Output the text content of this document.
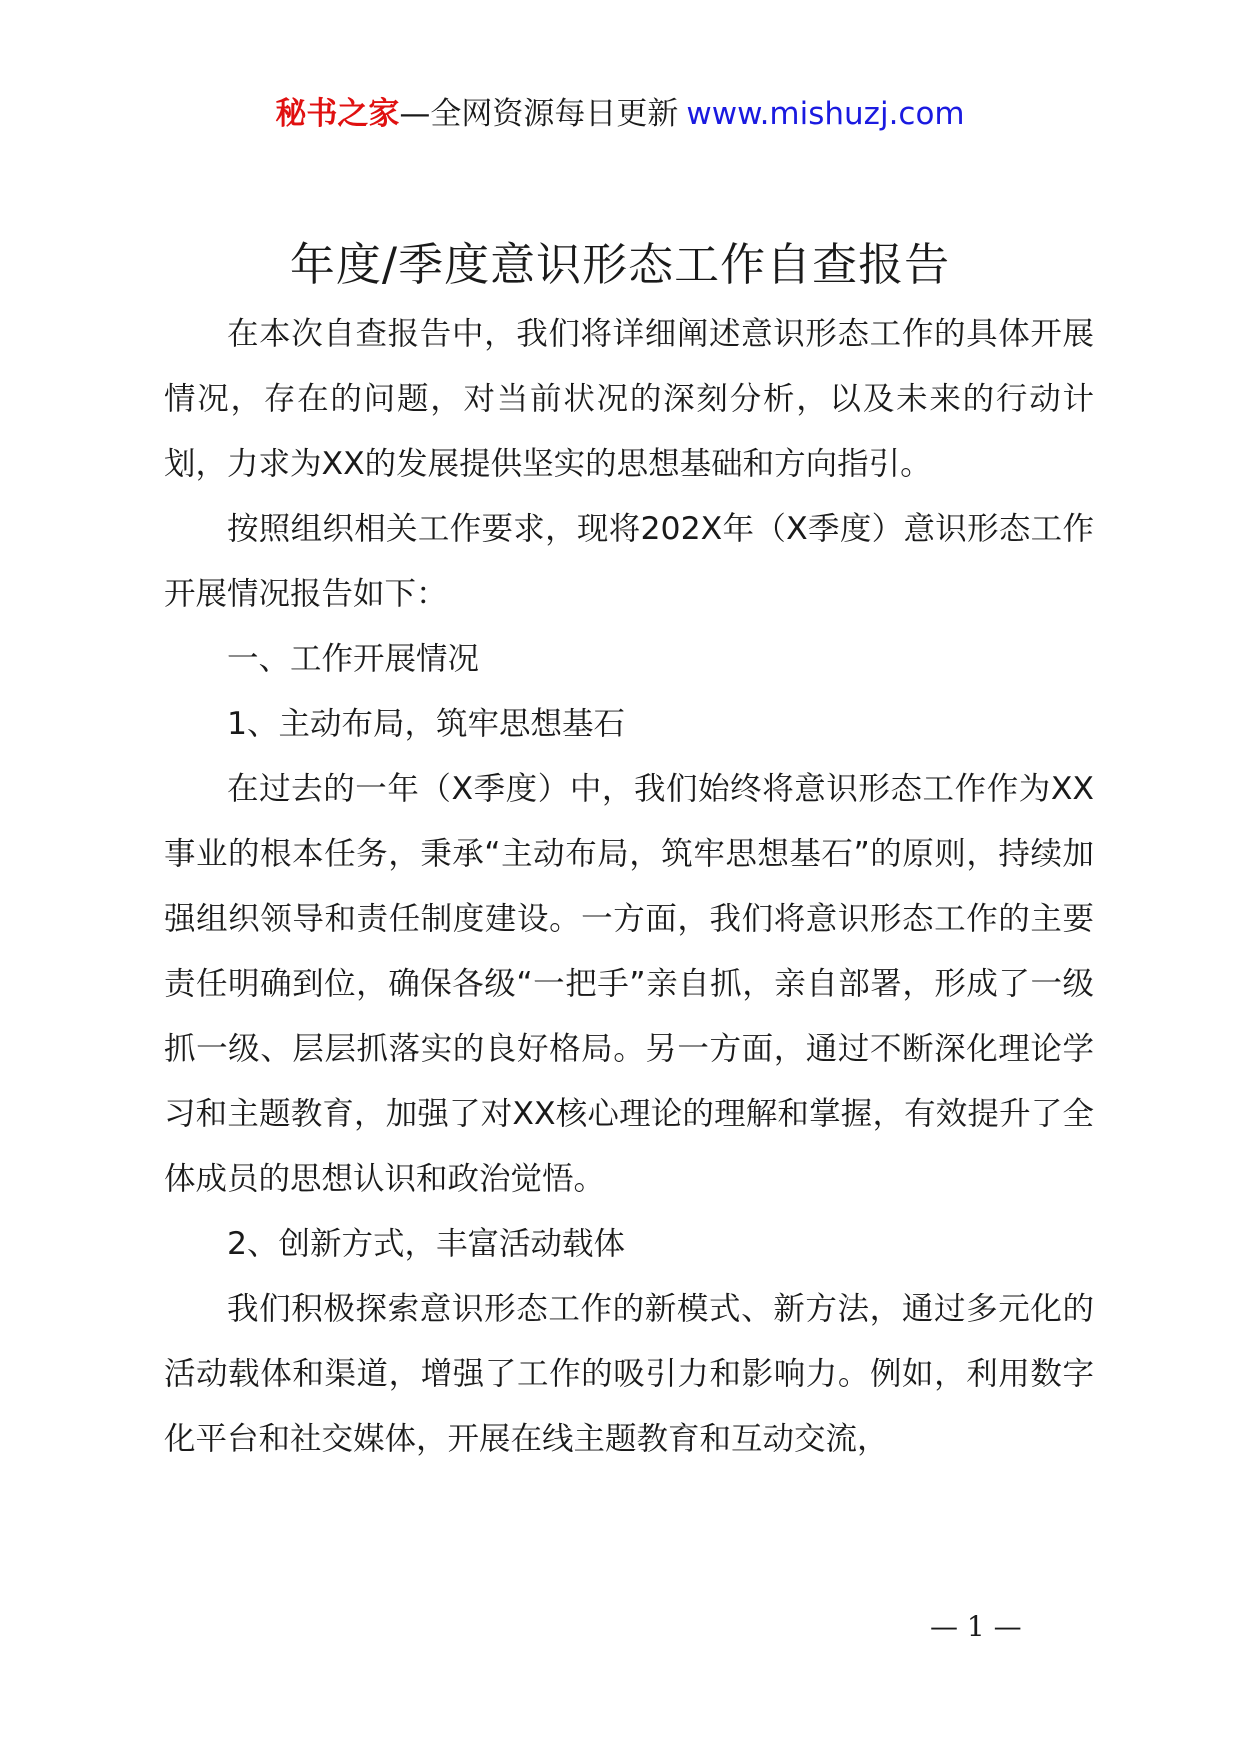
秘书之家—全网资源每日更新 www.mishuzj.com
年度/季度意识形态工作自查报告

在本次自查报告中，我们将详细阐述意识形态工作的具体开展情况，存在的问题，对当前状况的深刻分析，以及未来的行动计划，力求为XX的发展提供坚实的思想基础和方向指引。

按照组织相关工作要求，现将202X年（X季度）意识形态工作开展情况报告如下：

一、工作开展情况

1、主动布局，筑牢思想基石

在过去的一年（X季度）中，我们始终将意识形态工作作为XX事业的根本任务，秉承“主动布局，筑牢思想基石”的原则，持续加强组织领导和责任制度建设。一方面，我们将意识形态工作的主要责任明确到位，确保各级“一把手”亲自抓，亲自部署，形成了一级抓一级、层层抓落实的良好格局。另一方面，通过不断深化理论学习和主题教育，加强了对XX核心理论的理解和掌握，有效提升了全体成员的思想认识和政治觉悟。

2、创新方式，丰富活动载体

我们积极探索意识形态工作的新模式、新方法，通过多元化的活动载体和渠道，增强了工作的吸引力和影响力。例如，利用数字化平台和社交媒体，开展在线主题教育和互动交流，

— 1 —
